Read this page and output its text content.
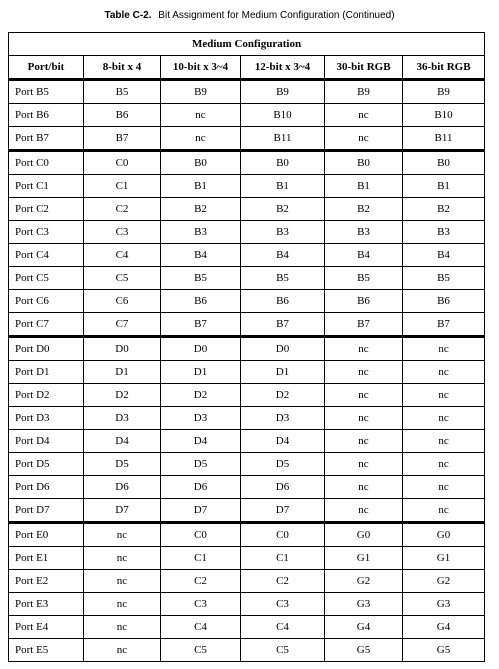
Table C-2. Bit Assignment for Medium Configuration (Continued)
Medium Configuration					
Port/bit	8-bit x 4	10-bit x 3~4	12-bit x 3~4	30-bit RGB	36-bit RGB
Port B5	B5	B9	B9	B9	B9
Port B6	B6	nc	B10	nc	B10
Port B7	B7	nc	B11	nc	B11
Port C0	C0	B0	B0	B0	B0
Port C1	C1	B1	B1	B1	B1
Port C2	C2	B2	B2	B2	B2
Port C3	C3	B3	B3	B3	B3
Port C4	C4	B4	B4	B4	B4
Port C5	C5	B5	B5	B5	B5
Port C6	C6	B6	B6	B6	B6
Port C7	C7	B7	B7	B7	B7
Port D0	D0	D0	D0	nc	nc
Port D1	D1	D1	D1	nc	nc
Port D2	D2	D2	D2	nc	nc
Port D3	D3	D3	D3	nc	nc
Port D4	D4	D4	D4	nc	nc
Port D5	D5	D5	D5	nc	nc
Port D6	D6	D6	D6	nc	nc
Port D7	D7	D7	D7	nc	nc
Port E0	nc	C0	C0	G0	G0
Port E1	nc	C1	C1	G1	G1
Port E2	nc	C2	C2	G2	G2
Port E3	nc	C3	C3	G3	G3
Port E4	nc	C4	C4	G4	G4
Port E5	nc	C5	C5	G5	G5
